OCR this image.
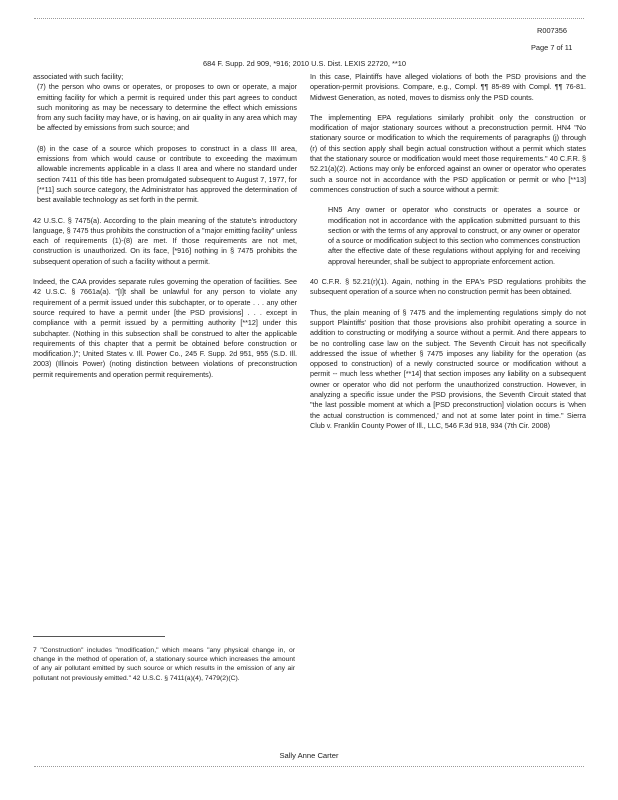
R007356
Page 7 of 11
684 F. Supp. 2d 909, *916; 2010 U.S. Dist. LEXIS 22720, **10

associated with such facility;

(7) the person who owns or operates, or proposes to own or operate, a major emitting facility for which a permit is required under this part agrees to conduct such monitoring as may be necessary to determine the effect which emissions from any such facility may have, or is having, on air quality in any area which may be affected by emissions from such source; and

(8) in the case of a source which proposes to construct in a class III area, emissions from which would cause or contribute to exceeding the maximum allowable increments applicable in a class II area and where no standard under section 7411 of this title has been promulgated subsequent to August 7, 1977, for [**11] such source category, the Administrator has approved the determination of best available technology as set forth in the permit.

42 U.S.C. § 7475(a). According to the plain meaning of the statute's introductory language, § 7475 thus prohibits the construction of a "major emitting facility" unless each of requirements (1)-(8) are met. If those requirements are not met, construction is unauthorized. On its face, [*916] nothing in § 7475 prohibits the subsequent operation of such a facility without a permit.

Indeed, the CAA provides separate rules governing the operation of facilities. See 42 U.S.C. § 7661a(a). "[I]t shall be unlawful for any person to violate any requirement of a permit issued under this subchapter, or to operate . . . any other source required to have a permit under [the PSD provisions] . . . except in compliance with a permit issued by a permitting authority [**12] under this subchapter. (Nothing in this subsection shall be construed to alter the applicable requirements of this chapter that a permit be obtained before construction or modification.)"; United States v. Ill. Power Co., 245 F. Supp. 2d 951, 955 (S.D. Ill. 2003) (Illinois Power) (noting distinction between violations of preconstruction permit requirements and operation permit requirements).

7 "Construction" includes "modification," which means "any physical change in, or change in the method of operation of, a stationary source which increases the amount of any air pollutant emitted by such source or which results in the emission of any air pollutant not previously emitted." 42 U.S.C. § 7411(a)(4), 7479(2)(C).

In this case, Plaintiffs have alleged violations of both the PSD provisions and the operation-permit provisions. Compare, e.g., Compl. ¶¶ 85-89 with Compl. ¶¶ 76-81. Midwest Generation, as noted, moves to dismiss only the PSD counts.

The implementing EPA regulations similarly prohibit only the construction or modification of major stationary sources without a preconstruction permit. HN4 "No stationary source or modification to which the requirements of paragraphs (j) through (r) of this section apply shall begin actual construction without a permit which states that the stationary source or modification would meet those requirements." 40 C.F.R. § 52.21(a)(2). Actions may only be enforced against an owner or operator who operates such a source not in accordance with the PSD application or permit or who [**13] commences construction of such a source without a permit:

HN5 Any owner or operator who constructs or operates a source or modification not in accordance with the application submitted pursuant to this section or with the terms of any approval to construct, or any owner or operator of a source or modification subject to this section who commences construction after the effective date of these regulations without applying for and receiving approval hereunder, shall be subject to appropriate enforcement action.

40 C.F.R. § 52.21(r)(1). Again, nothing in the EPA's PSD regulations prohibits the subsequent operation of a source when no construction permit has been obtained.

Thus, the plain meaning of § 7475 and the implementing regulations simply do not support Plaintiffs' position that those provisions also prohibit operating a source in addition to constructing or modifying a source without a permit. And there appears to be no controlling case law on the subject. The Seventh Circuit has not specifically addressed the issue of whether § 7475 imposes any liability for the operation (as opposed to construction) of a newly constructed source or modification without a permit -- much less whether [**14] that section imposes any liability on a subsequent owner or operator who did not perform the unauthorized construction. However, in analyzing a specific issue under the PSD provisions, the Seventh Circuit stated that "the last possible moment at which a [PSD preconstruction] violation occurs is 'when the actual construction is commenced,' and not at some later point in time." Sierra Club v. Franklin County Power of Ill., LLC, 546 F.3d 918, 934 (7th Cir. 2008)

Sally Anne Carter
